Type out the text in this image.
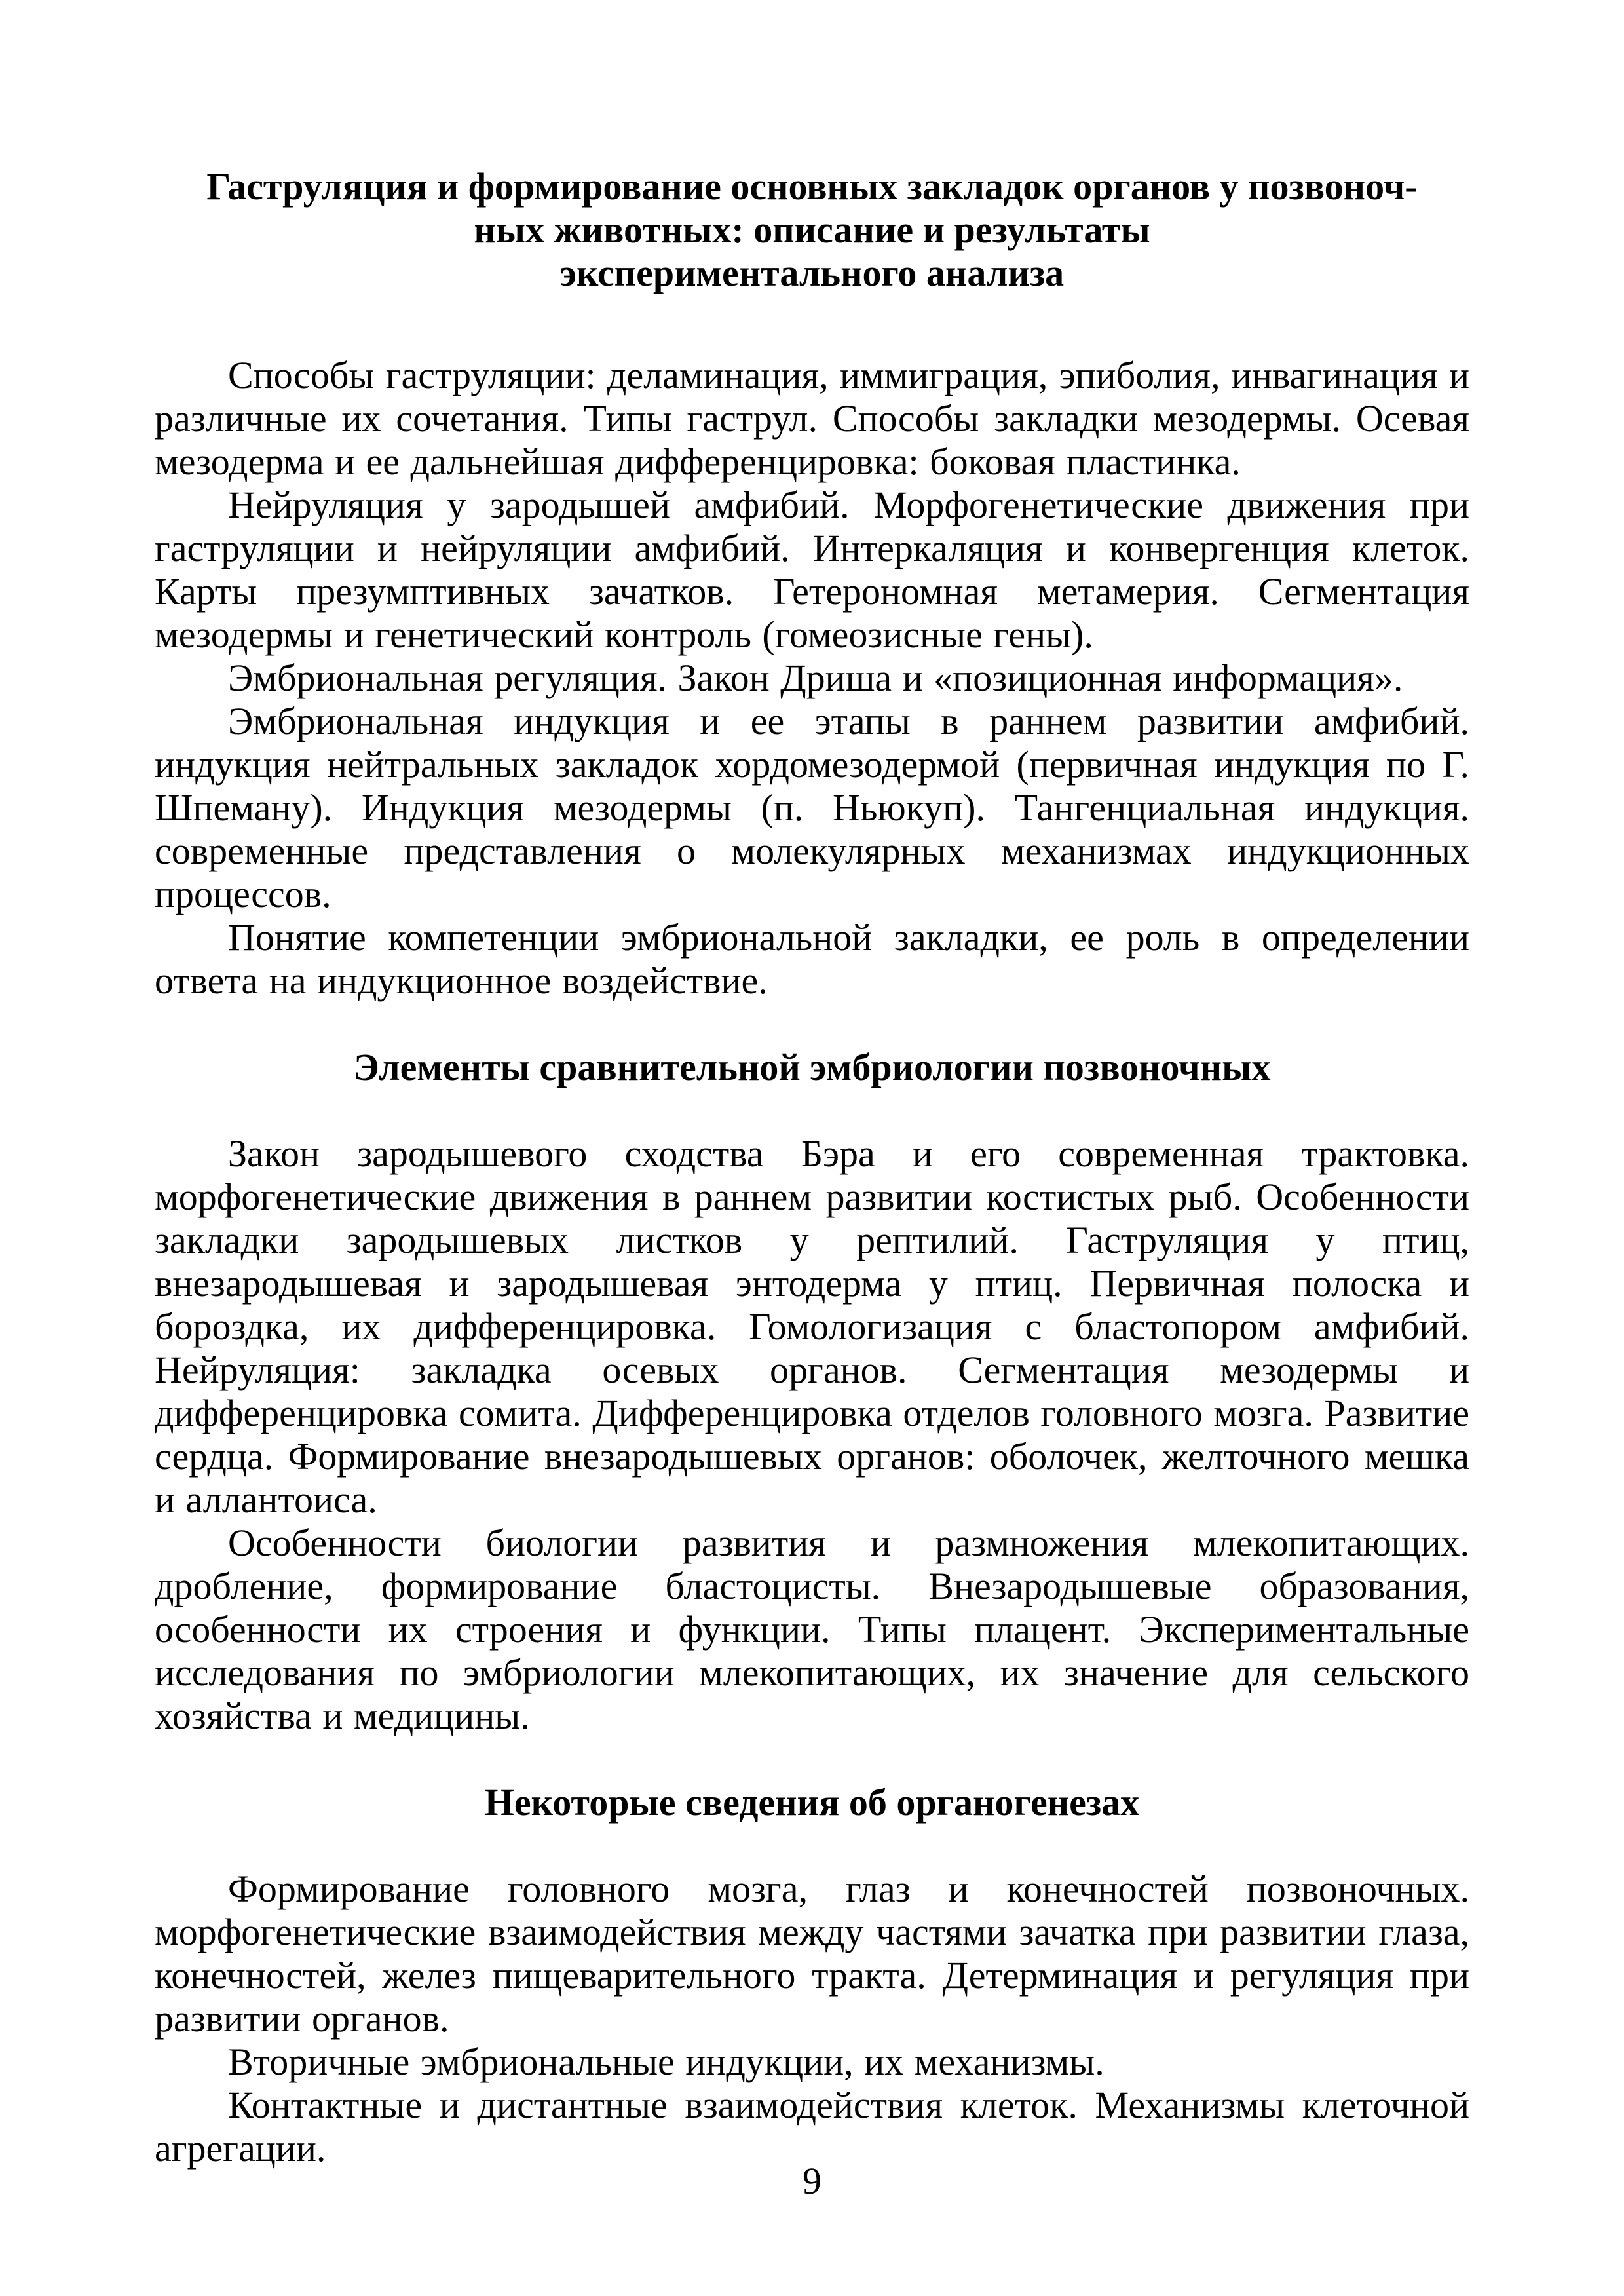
Гаструляция и формирование основных закладок органов у позвоноч-
ных животных: описание и результаты
экспериментального анализа

Способы гаструляции: деламинация, иммиграция, эпиболия, инвагинация и различные их сочетания. Типы гаструл. Способы закладки мезодермы. Осевая мезодерма и ее дальнейшая дифференцировка: боковая пластинка.

Нейруляция у зародышей амфибий. Морфогенетические движения при гаструляции и нейруляции амфибий. Интеркаляция и конвергенция клеток. Карты презумптивных зачатков. Гетерономная метамерия. Сегментация мезодермы и генетический контроль (гомеозисные гены).

Эмбриональная регуляция. Закон Дриша и «позиционная информация».

Эмбриональная индукция и ее этапы в раннем развитии амфибий. индукция нейтральных закладок хордомезодермой (первичная индукция по Г. Шпеману). Индукция мезодермы (п. Ньюкуп). Тангенциальная индукция. современные представления о молекулярных механизмах индукционных процессов.

Понятие компетенции эмбриональной закладки, ее роль в определении ответа на индукционное воздействие.

Элементы сравнительной эмбриологии позвоночных

Закон зародышевого сходства Бэра и его современная трактовка. морфогенетические движения в раннем развитии костистых рыб. Особенности закладки зародышевых листков у рептилий. Гаструляция у птиц, внезародышевая и зародышевая энтодерма у птиц. Первичная полоска и бороздка, их дифференцировка. Гомологизация с бластопором амфибий. Нейруляция: закладка осевых органов. Сегментация мезодермы и дифференцировка сомита. Дифференцировка отделов головного мозга. Развитие сердца. Формирование внезародышевых органов: оболочек, желточного мешка и аллантоиса.

Особенности биологии развития и размножения млекопитающих. дробление, формирование бластоцисты. Внезародышевые образования, особенности их строения и функции. Типы плацент. Экспериментальные исследования по эмбриологии млекопитающих, их значение для сельского хозяйства и медицины.

Некоторые сведения об органогенезах

Формирование головного мозга, глаз и конечностей позвоночных. морфогенетические взаимодействия между частями зачатка при развитии глаза, конечностей, желез пищеварительного тракта. Детерминация и регуляция при развитии органов.

Вторичные эмбриональные индукции, их механизмы.

Контактные и дистантные взаимодействия клеток. Механизмы клеточной агрегации.

9
